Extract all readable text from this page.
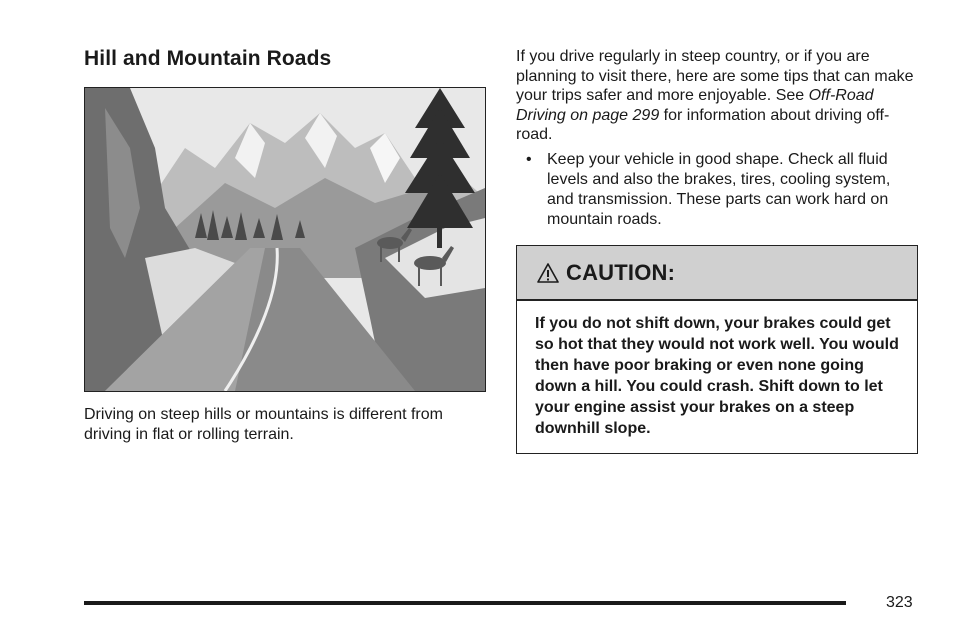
Hill and Mountain Roads

Driving on steep hills or mountains is different from driving in flat or rolling terrain.

If you drive regularly in steep country, or if you are planning to visit there, here are some tips that can make your trips safer and more enjoyable. See Off-Road Driving on page 299 for information about driving off-road.

• Keep your vehicle in good shape. Check all fluid levels and also the brakes, tires, cooling system, and transmission. These parts can work hard on mountain roads.
CAUTION:

If you do not shift down, your brakes could get so hot that they would not work well. You would then have poor braking or even none going down a hill. You could crash. Shift down to let your engine assist your brakes on a steep downhill slope.

323
